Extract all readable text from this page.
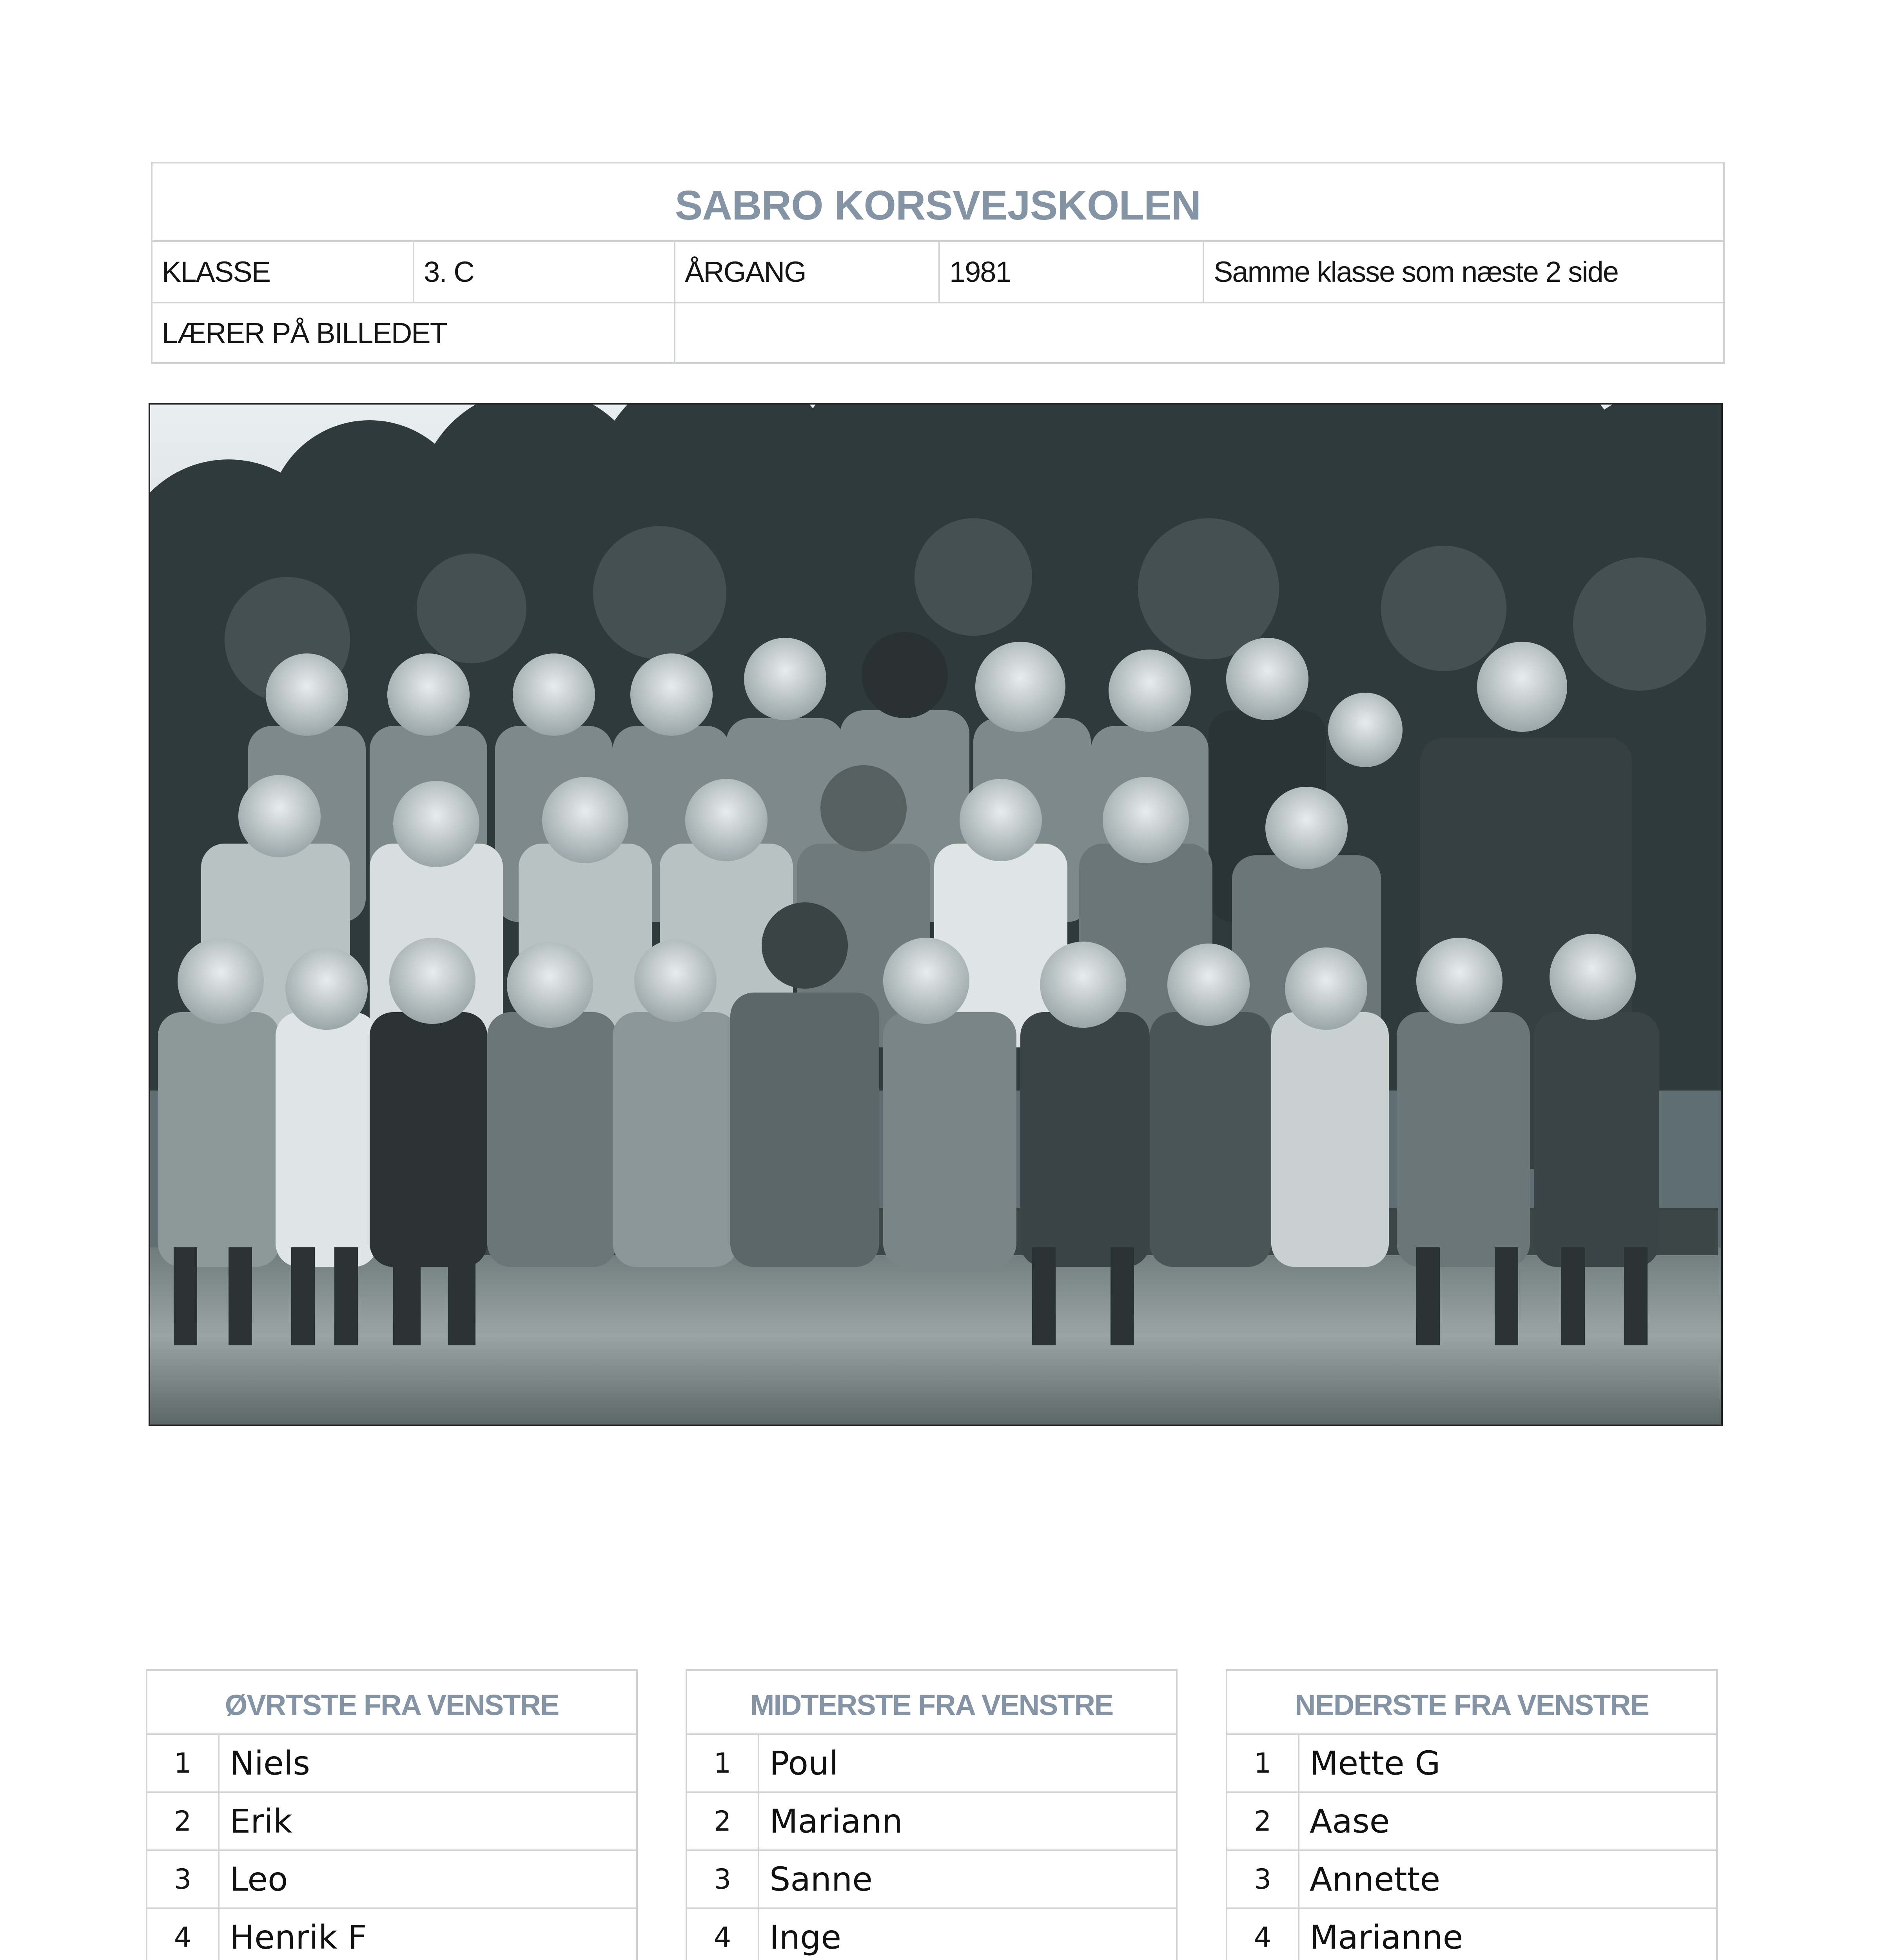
SABRO KORSVEJSKOLEN				
KLASSE	3. C	ÅRGANG	1981	Samme klasse som næste 2 side
LÆRER PÅ BILLEDET				
ØVRTSTE FRA VENSTRE	
1	Niels
2	Erik
3	Leo
4	Henrik F

MIDTERSTE FRA VENSTRE	
1	Poul
2	Mariann
3	Sanne
4	Inge

NEDERSTE FRA VENSTRE	
1	Mette G
2	Aase
3	Annette
4	Marianne
